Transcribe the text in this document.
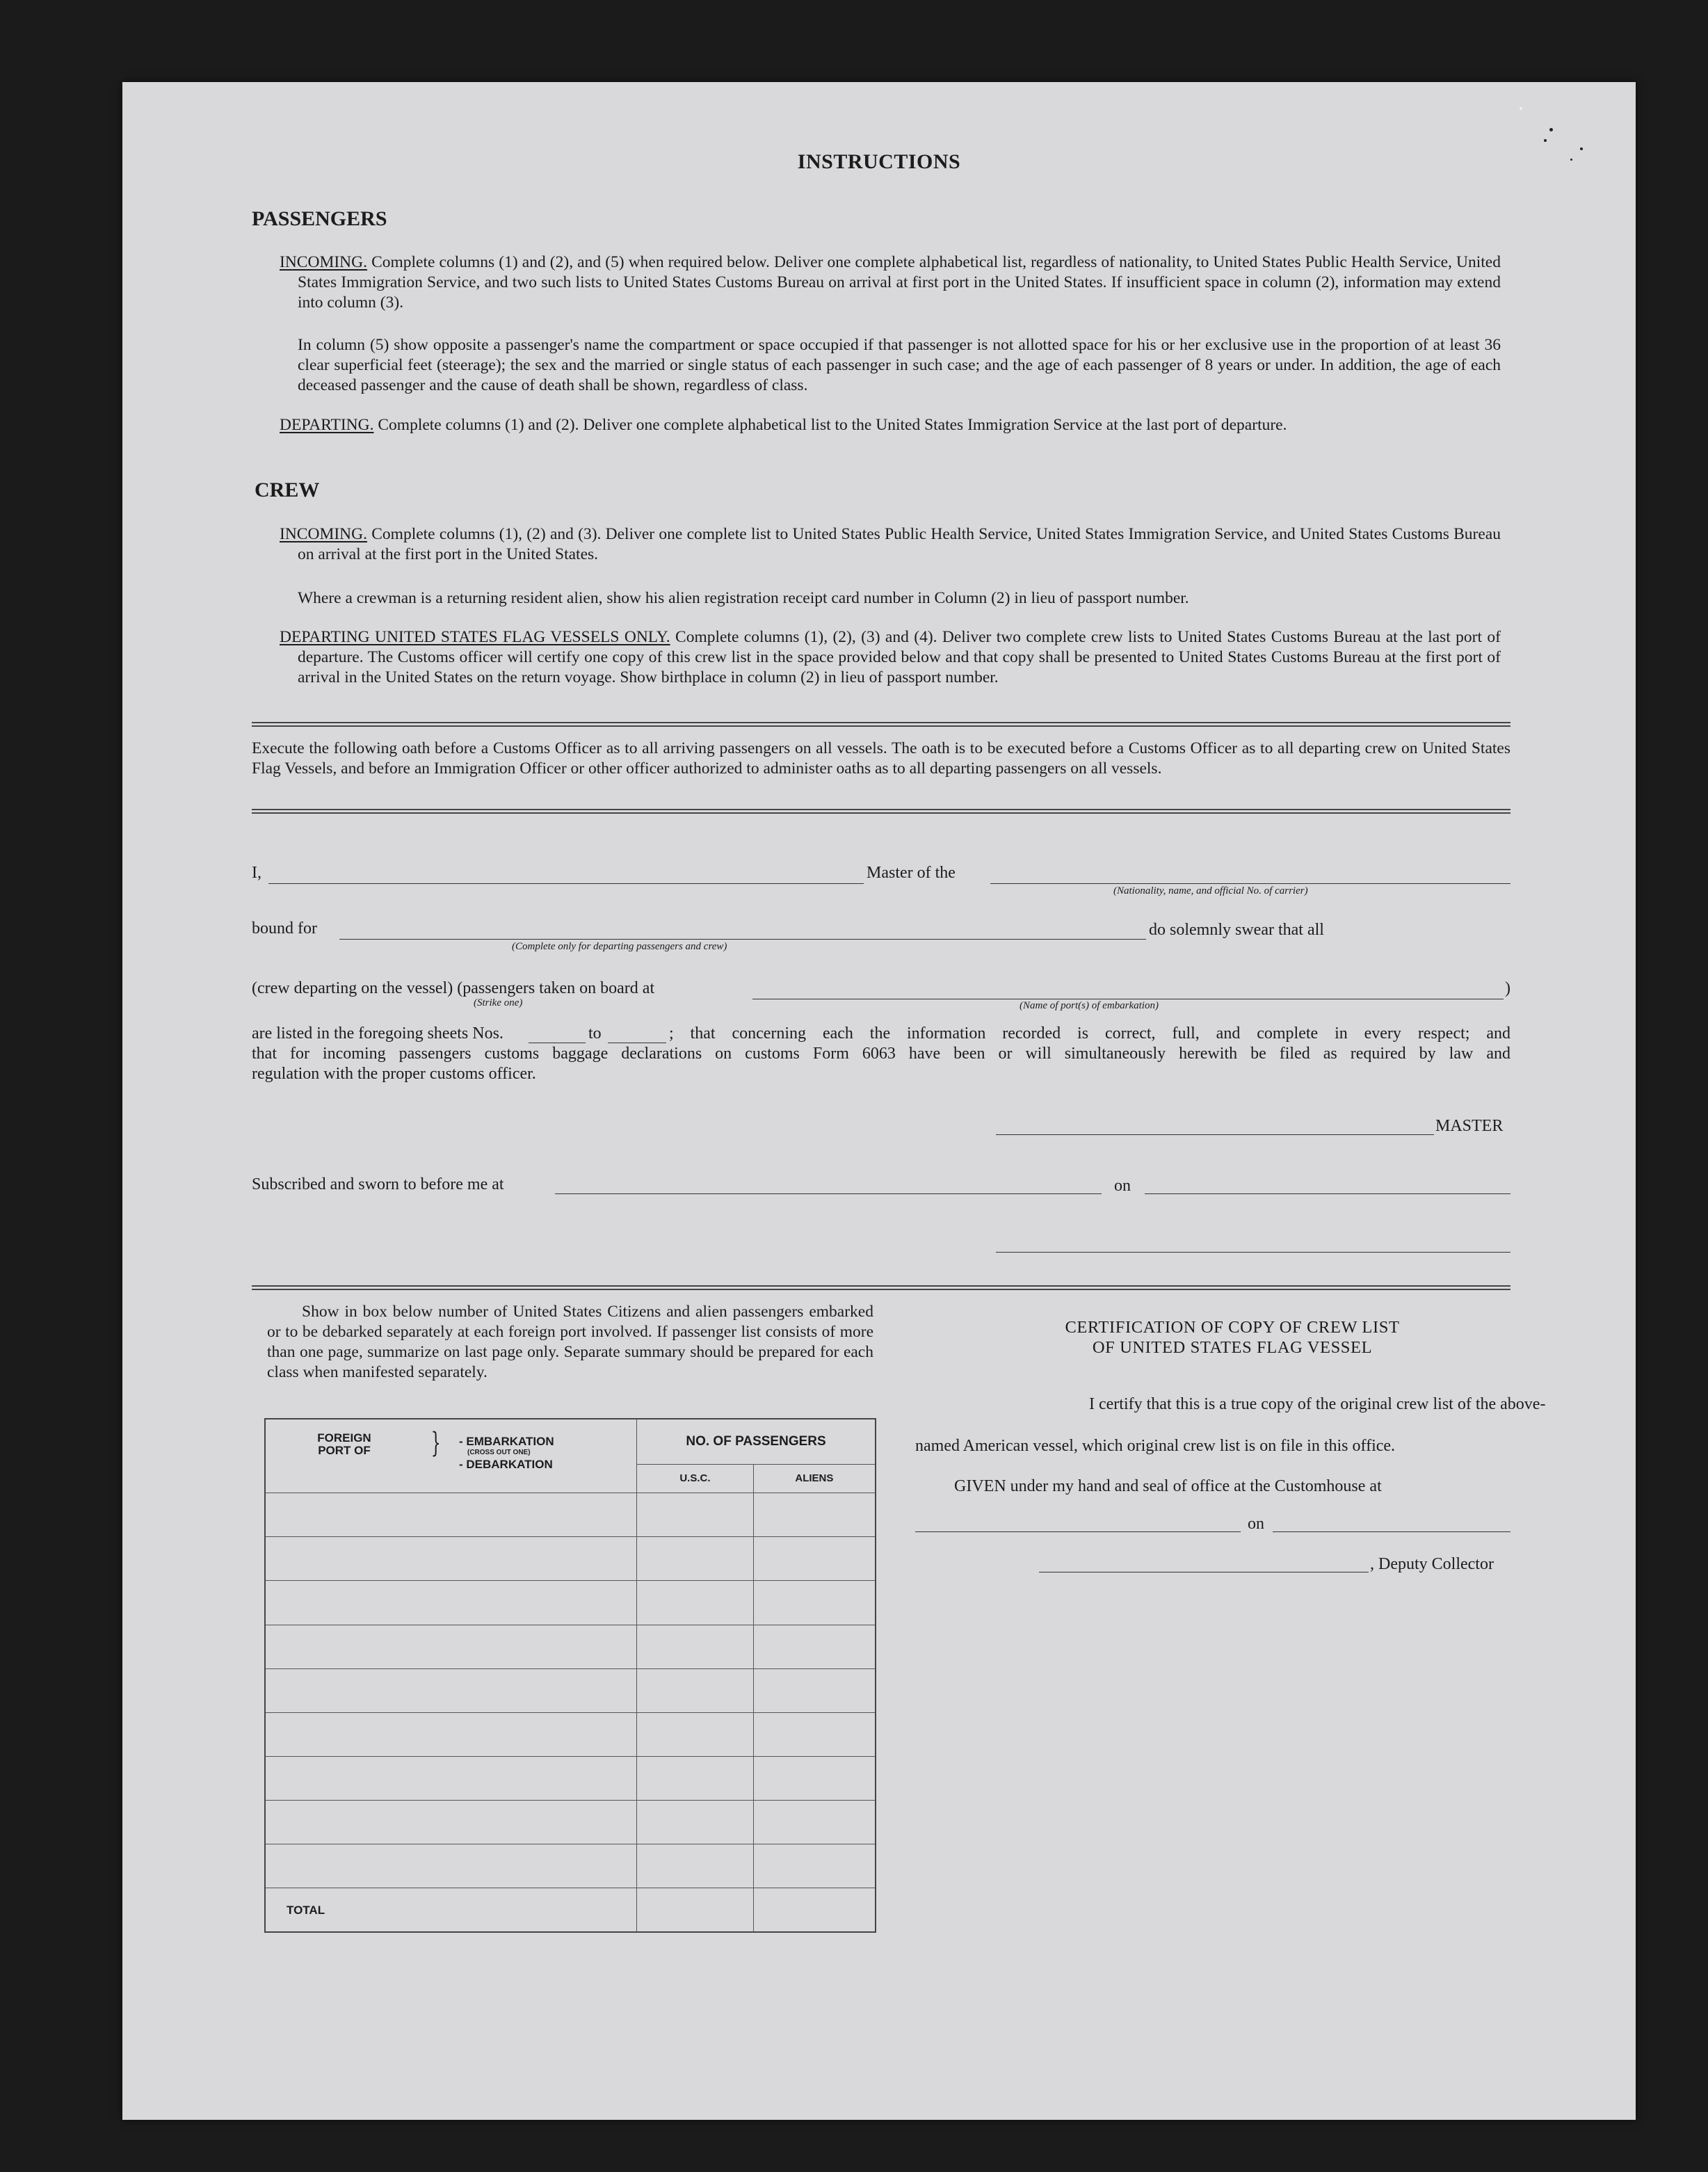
INSTRUCTIONS
PASSENGERS
INCOMING. Complete columns (1) and (2), and (5) when required below. Deliver one complete alphabetical list, regardless of nationality, to United States Public Health Service, United States Immigration Service, and two such lists to United States Customs Bureau on arrival at first port in the United States. If insufficient space in column (2), information may extend into column (3).
In column (5) show opposite a passenger's name the compartment or space occupied if that passenger is not allotted space for his or her exclusive use in the proportion of at least 36 clear superficial feet (steerage); the sex and the married or single status of each passenger in such case; and the age of each passenger of 8 years or under. In addition, the age of each deceased passenger and the cause of death shall be shown, regardless of class.
DEPARTING. Complete columns (1) and (2). Deliver one complete alphabetical list to the United States Immigration Service at the last port of departure.
CREW
INCOMING. Complete columns (1), (2) and (3). Deliver one complete list to United States Public Health Service, United States Immigration Service, and United States Customs Bureau on arrival at the first port in the United States.
Where a crewman is a returning resident alien, show his alien registration receipt card number in Column (2) in lieu of passport number.
DEPARTING UNITED STATES FLAG VESSELS ONLY. Complete columns (1), (2), (3) and (4). Deliver two complete crew lists to United States Customs Bureau at the last port of departure. The Customs officer will certify one copy of this crew list in the space provided below and that copy shall be presented to United States Customs Bureau at the first port of arrival in the United States on the return voyage. Show birthplace in column (2) in lieu of passport number.
Execute the following oath before a Customs Officer as to all arriving passengers on all vessels. The oath is to be executed before a Customs Officer as to all departing crew on United States Flag Vessels, and before an Immigration Officer or other officer authorized to administer oaths as to all departing passengers on all vessels.
I,	Master of the
(Nationality, name, and official No. of carrier)
bound for
(Complete only for departing passengers and crew)
do solemnly swear that all
(crew departing on the vessel) (passengers taken on board at
(Strike one)	(Name of port(s) of embarkation)
)
are listed in the foregoing sheets Nos.	to	; that concerning each the information recorded is correct, full, and complete in every respect; and
that for incoming passengers customs baggage declarations on customs Form 6063 have been or will simultaneously herewith be filed as required by law and
regulation with the proper customs officer.
MASTER
Subscribed and sworn to before me at	on
Show in box below number of United States Citizens and alien passengers embarked or to be debarked separately at each foreign port involved. If passenger list consists of more than one page, summarize on last page only. Separate summary should be prepared for each class when manifested separately.
FOREIGN PORT OF } - EMBARKATION
(CROSS OUT ONE)
- DEBARKATION	NO. OF PASSENGERS	
	U.S.C.	ALIENS

TOTAL		

CERTIFICATION OF COPY OF CREW LIST
OF UNITED STATES FLAG VESSEL
I certify that this is a true copy of the original crew list of the above-
named American vessel, which original crew list is on file in this office.
GIVEN under my hand and seal of office at the Customhouse at
on
, Deputy Collector
